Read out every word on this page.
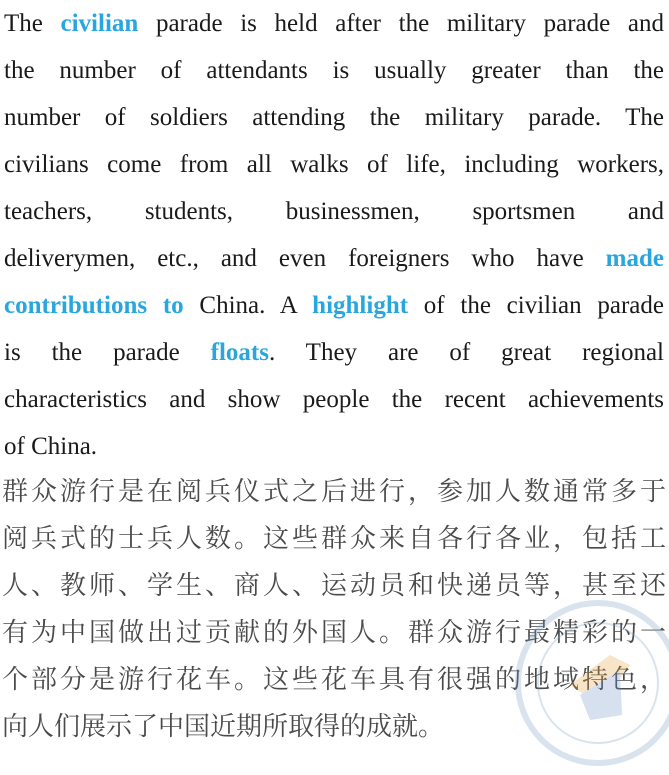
The civilian parade is held after the military parade and
the number of attendants is usually greater than the
number of soldiers attending the military parade. The
civilians come from all walks of life, including workers,
teachers, students, businessmen, sportsmen and
deliverymen, etc., and even foreigners who have made
contributions to China. A highlight of the civilian parade
is the parade floats. They are of great regional
characteristics and show people the recent achievements
of China.
群众游行是在阅兵仪式之后进行，参加人数通常多于
阅兵式的士兵人数。这些群众来自各行各业，包括工
人、教师、学生、商人、运动员和快递员等，甚至还
有为中国做出过贡献的外国人。群众游行最精彩的一
个部分是游行花车。这些花车具有很强的地域特色，
向人们展示了中国近期所取得的成就。
